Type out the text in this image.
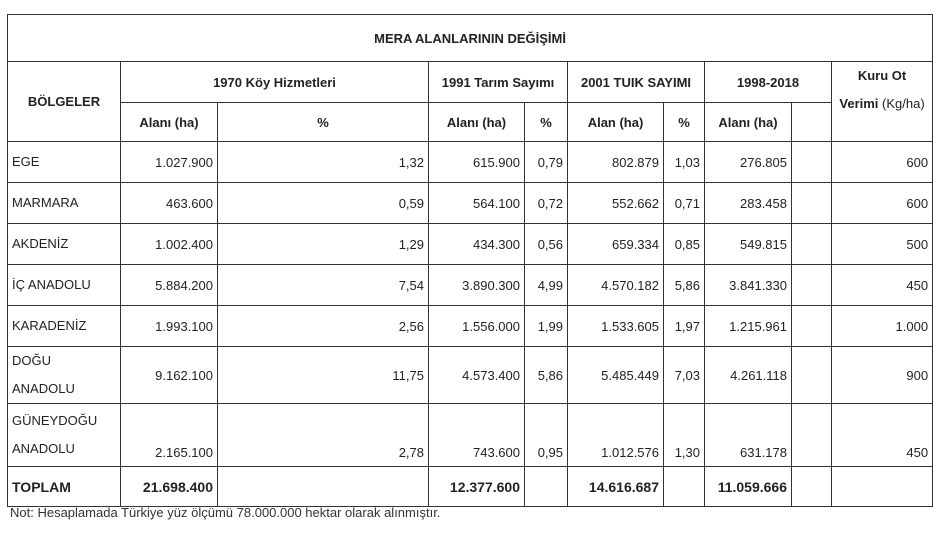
MERA ALANLARININ DEĞİŞİMİ									
BÖLGELER	1970 Köy Hizmetleri		1991 Tarım Sayımı		2001 TUIK SAYIMI		1998-2018		Kuru Ot
Verimi (Kg/ha)
	Alanı (ha)	%	Alanı (ha)	%	Alan (ha)	%	Alanı (ha)		
EGE	1.027.900	1,32	615.900	0,79	802.879	1,03	276.805		600
MARMARA	463.600	0,59	564.100	0,72	552.662	0,71	283.458		600
AKDENİZ	1.002.400	1,29	434.300	0,56	659.334	0,85	549.815		500
İÇ ANADOLU	5.884.200	7,54	3.890.300	4,99	4.570.182	5,86	3.841.330		450
KARADENİZ	1.993.100	2,56	1.556.000	1,99	1.533.605	1,97	1.215.961		1.000
DOĞU ANADOLU	9.162.100	11,75	4.573.400	5,86	5.485.449	7,03	4.261.118		900
GÜNEYDOĞU ANADOLU	2.165.100	2,78	743.600	0,95	1.012.576	1,30	631.178		450
TOPLAM	21.698.400		12.377.600		14.616.687		11.059.666		
Not: Hesaplamada Türkiye yüz ölçümü 78.000.000 hektar olarak alınmıştır.
